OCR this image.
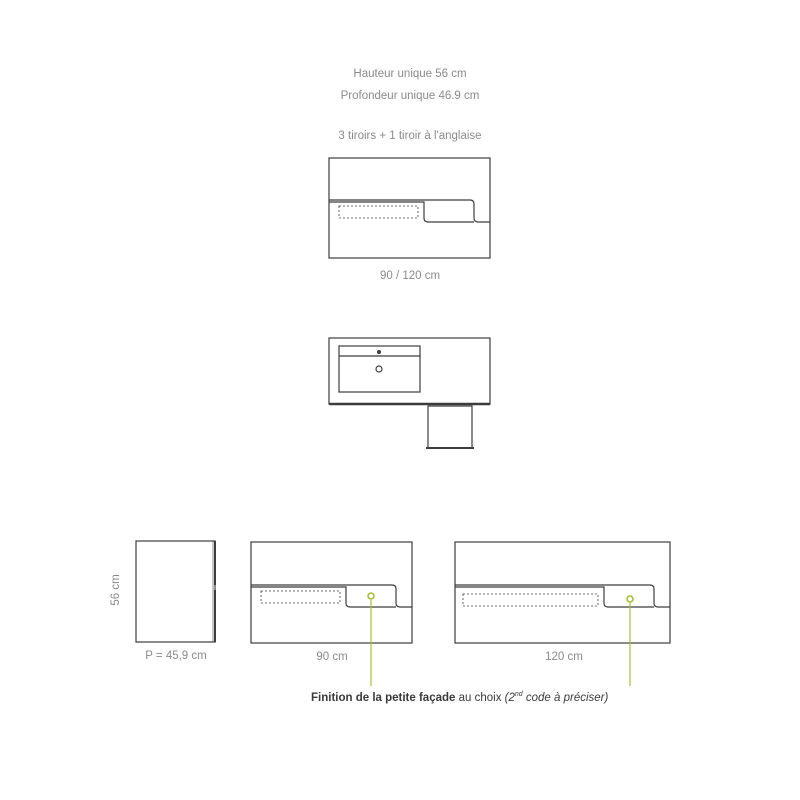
Hauteur unique 56 cm
Profondeur unique 46.9 cm
3 tiroirs + 1 tiroir à l'anglaise
90 / 120 cm
56 cm
P = 45,9 cm	90 cm	120 cm
Finition de la petite façade au choix (2nd code à préciser)
